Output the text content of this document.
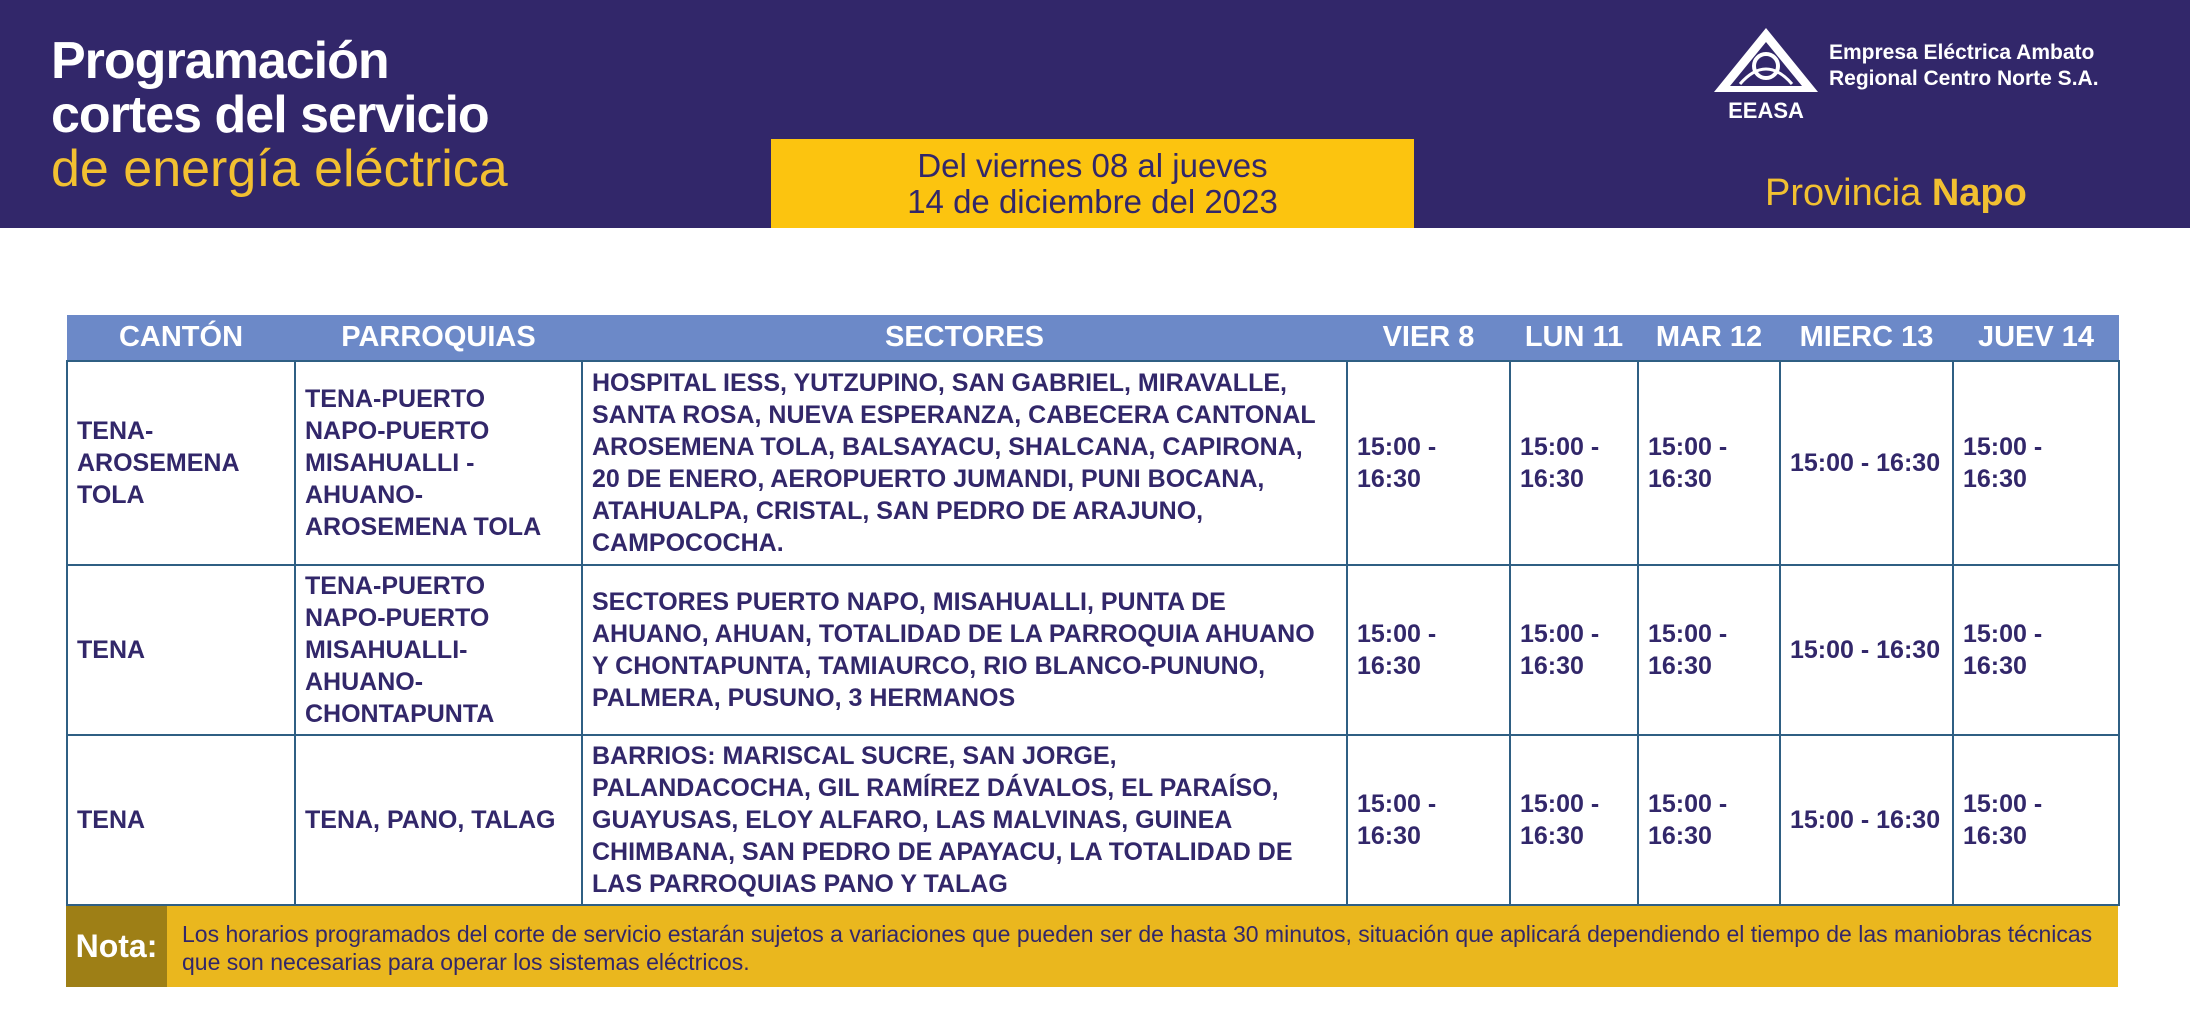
Programación
cortes del servicio
de energía eléctrica	Del viernes 08 al jueves
14 de diciembre del 2023
EEASA
Empresa Eléctrica Ambato
Regional Centro Norte S.A.
Provincia Napo
CANTÓN	PARROQUIAS	SECTORES	VIER 8	LUN 11	MAR 12	MIERC 13	JUEV 14
TENA-AROSEMENA TOLA	TENA-PUERTO NAPO-PUERTO MISAHUALLI -AHUANO-AROSEMENA TOLA	HOSPITAL IESS, YUTZUPINO, SAN GABRIEL, MIRAVALLE, SANTA ROSA, NUEVA ESPERANZA, CABECERA CANTONAL AROSEMENA TOLA, BALSAYACU, SHALCANA, CAPIRONA, 20 DE ENERO, AEROPUERTO JUMANDI, PUNI BOCANA, ATAHUALPA, CRISTAL, SAN PEDRO DE ARAJUNO, CAMPOCOCHA.	15:00 - 16:30	15:00 - 16:30	15:00 - 16:30	15:00 - 16:30	15:00 - 16:30
TENA	TENA-PUERTO NAPO-PUERTO MISAHUALLI-AHUANO-CHONTAPUNTA	SECTORES PUERTO NAPO, MISAHUALLI, PUNTA DE AHUANO, AHUAN, TOTALIDAD DE LA PARROQUIA AHUANO Y CHONTAPUNTA, TAMIAURCO, RIO BLANCO-PUNUNO, PALMERA, PUSUNO, 3 HERMANOS	15:00 - 16:30	15:00 - 16:30	15:00 - 16:30	15:00 - 16:30	15:00 - 16:30
TENA	TENA, PANO, TALAG	BARRIOS: MARISCAL SUCRE, SAN JORGE, PALANDACOCHA, GIL RAMÍREZ DÁVALOS, EL PARAÍSO, GUAYUSAS, ELOY ALFARO, LAS MALVINAS, GUINEA CHIMBANA, SAN PEDRO DE APAYACU, LA TOTALIDAD DE LAS PARROQUIAS PANO Y TALAG	15:00 - 16:30	15:00 - 16:30	15:00 - 16:30	15:00 - 16:30	15:00 - 16:30
Nota:	Los horarios programados del corte de servicio estarán sujetos a variaciones que pueden ser de hasta 30 minutos, situación que aplicará dependiendo el tiempo de las maniobras técnicas que son necesarias para operar los sistemas eléctricos.
